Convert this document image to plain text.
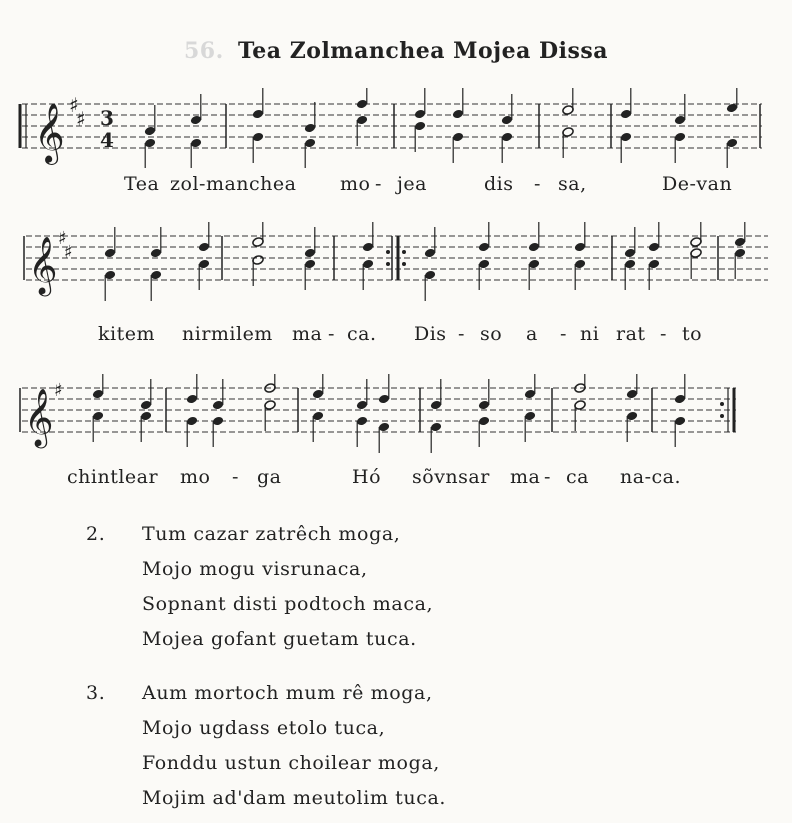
56. Tea Zolmanchea Mojea Dissa
𝄞 ♯
♯ 3
4
Tea zol-manchea mo - jea	dis - sa,	De-van
𝄞 ♯
♯
kitem nirmilem ma - ca. Dis - so a - ni rat - to
𝄞 ♯
chintlear mo - ga	Hó sõvnsar ma - ca na-ca.
2.	Tum cazar zatrêch moga,
Mojo mogu visrunaca,
Sopnant disti podtoch maca,
Mojea gofant guetam tuca.
3.	Aum mortoch mum rê moga,
Mojo ugdass etolo tuca,
Fonddu ustun choilear moga,
Mojim ad'dam meutolim tuca.
